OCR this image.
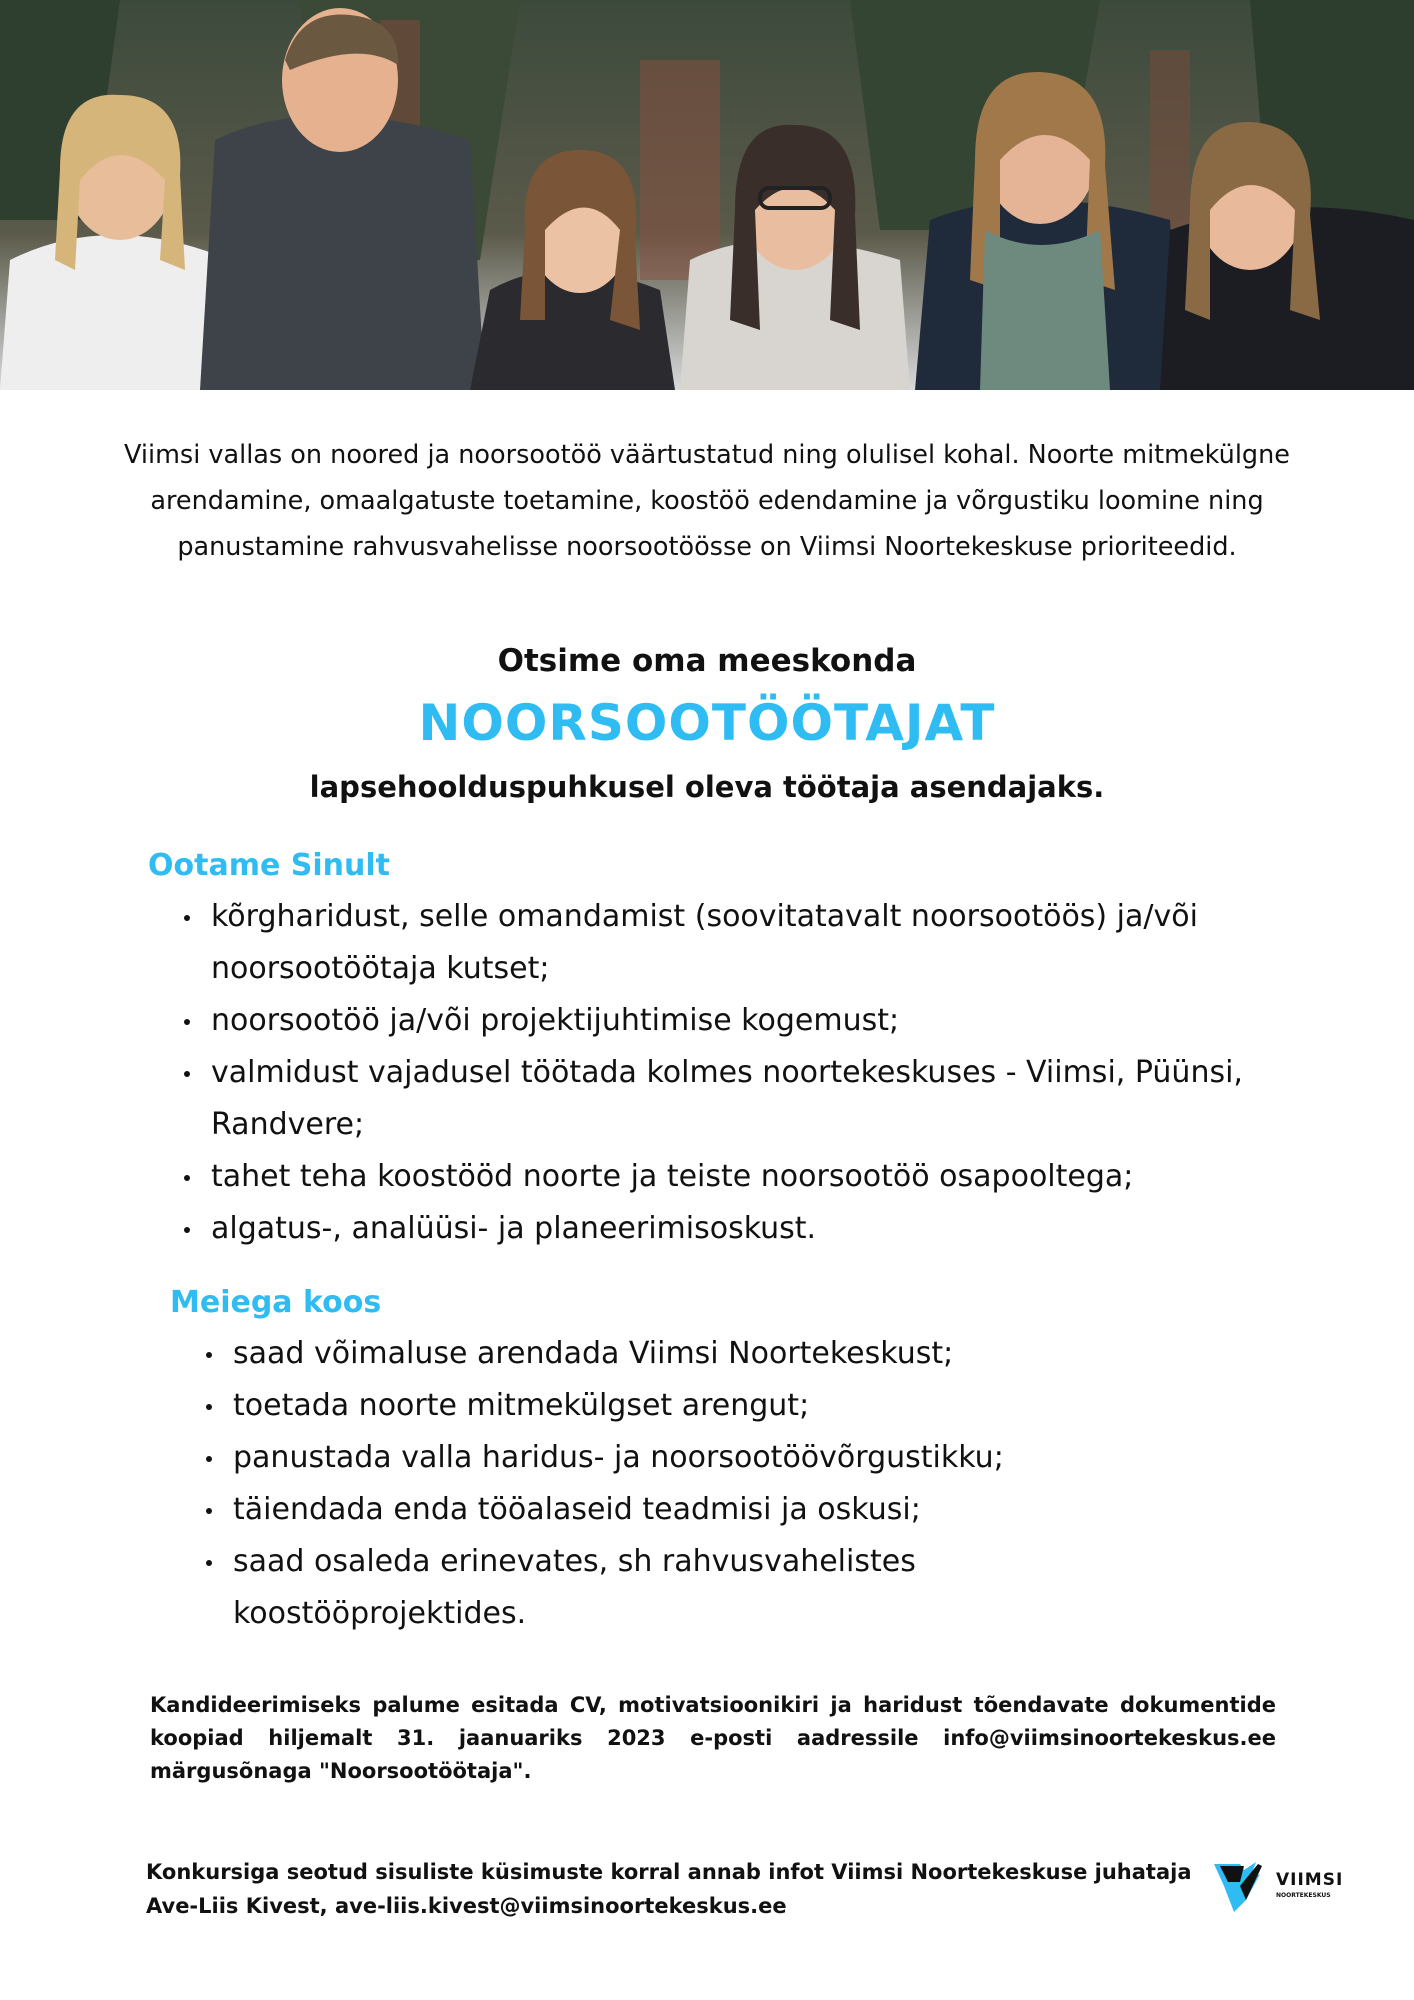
Viimsi vallas on noored ja noorsootöö väärtustatud ning olulisel kohal. Noorte mitmekülgne arendamine, omaalgatuste toetamine, koostöö edendamine ja võrgustiku loomine ning panustamine rahvusvahelisse noorsootöösse on Viimsi Noortekeskuse prioriteedid.
Otsime oma meeskonda
NOORSOOTÖÖTAJAT
lapsehoolduspuhkusel oleva töötaja asendajaks.
Ootame Sinult
kõrgharidust, selle omandamist (soovitatavalt noorsootöös) ja/või noorsootöötaja kutset;
noorsootöö ja/või projektijuhtimise kogemust;
valmidust vajadusel töötada kolmes noortekeskuses - Viimsi, Püünsi, Randvere;
tahet teha koostööd noorte ja teiste noorsootöö osapooltega;
algatus-, analüüsi- ja planeerimisoskust.
Meiega koos
saad võimaluse arendada Viimsi Noortekeskust;
toetada noorte mitmekülgset arengut;
panustada valla haridus- ja noorsootöövõrgustikku;
täiendada enda tööalaseid teadmisi ja oskusi;
saad osaleda erinevates, sh rahvusvahelistes koostööprojektides.
Kandideerimiseks palume esitada CV, motivatsioonikiri ja haridust tõendavate dokumentide koopiad hiljemalt 31. jaanuariks 2023 e-posti aadressile info@viimsinoortekeskus.ee märgusõnaga "Noorsootöötaja".
Konkursiga seotud sisuliste küsimuste korral annab infot Viimsi Noortekeskuse juhataja Ave-Liis Kivest, ave-liis.kivest@viimsinoortekeskus.ee
VIIMSI
NOORTEKESKUS
